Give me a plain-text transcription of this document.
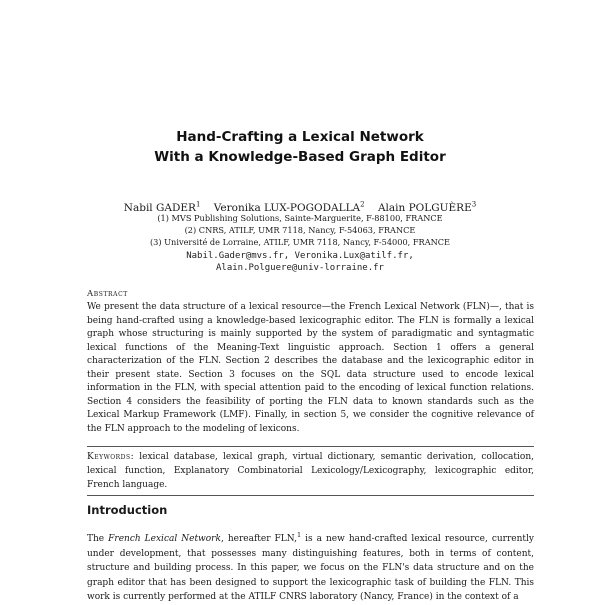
Hand-Crafting a Lexical Network
With a Knowledge-Based Graph Editor
Nabil GADER$^1$ Veronika LUX-POGODALLA$^2$ Alain POLGUÈRE$^3$
(1) MVS Publishing Solutions, Sainte-Marguerite, F-88100, FRANCE
(2) CNRS, ATILF, UMR 7118, Nancy, F-54063, FRANCE
(3) Université de Lorraine, ATILF, UMR 7118, Nancy, F-54000, FRANCE
Nabil.Gader@mvs.fr, Veronika.Lux@atilf.fr,
Alain.Polguere@univ-lorraine.fr
Abstract
We present the data structure of a lexical resource—the French Lexical Network (FLN)—, that is being hand-crafted using a knowledge-based lexicographic editor. The FLN is formally a lexical graph whose structuring is mainly supported by the system of paradigmatic and syntagmatic lexical functions of the Meaning-Text linguistic approach. Section 1 offers a general characterization of the FLN. Section 2 describes the database and the lexicographic editor in their present state. Section 3 focuses on the SQL data structure used to encode lexical information in the FLN, with special attention paid to the encoding of lexical function relations. Section 4 considers the feasibility of porting the FLN data to known standards such as the Lexical Markup Framework (LMF). Finally, in section 5, we consider the cognitive relevance of the FLN approach to the modeling of lexicons.
Keywords: lexical database, lexical graph, virtual dictionary, semantic derivation, collocation, lexical function, Explanatory Combinatorial Lexicology/Lexicography, lexicographic editor, French language.
Introduction
The French Lexical Network, hereafter FLN,$^1$ is a new hand-crafted lexical resource, currently under development, that possesses many distinguishing features, both in terms of content, structure and building process. In this paper, we focus on the FLN's data structure and on the graph editor that has been designed to support the lexicographic task of building the FLN. This work is currently performed at the ATILF CNRS laboratory (Nancy, France) in the context of a
